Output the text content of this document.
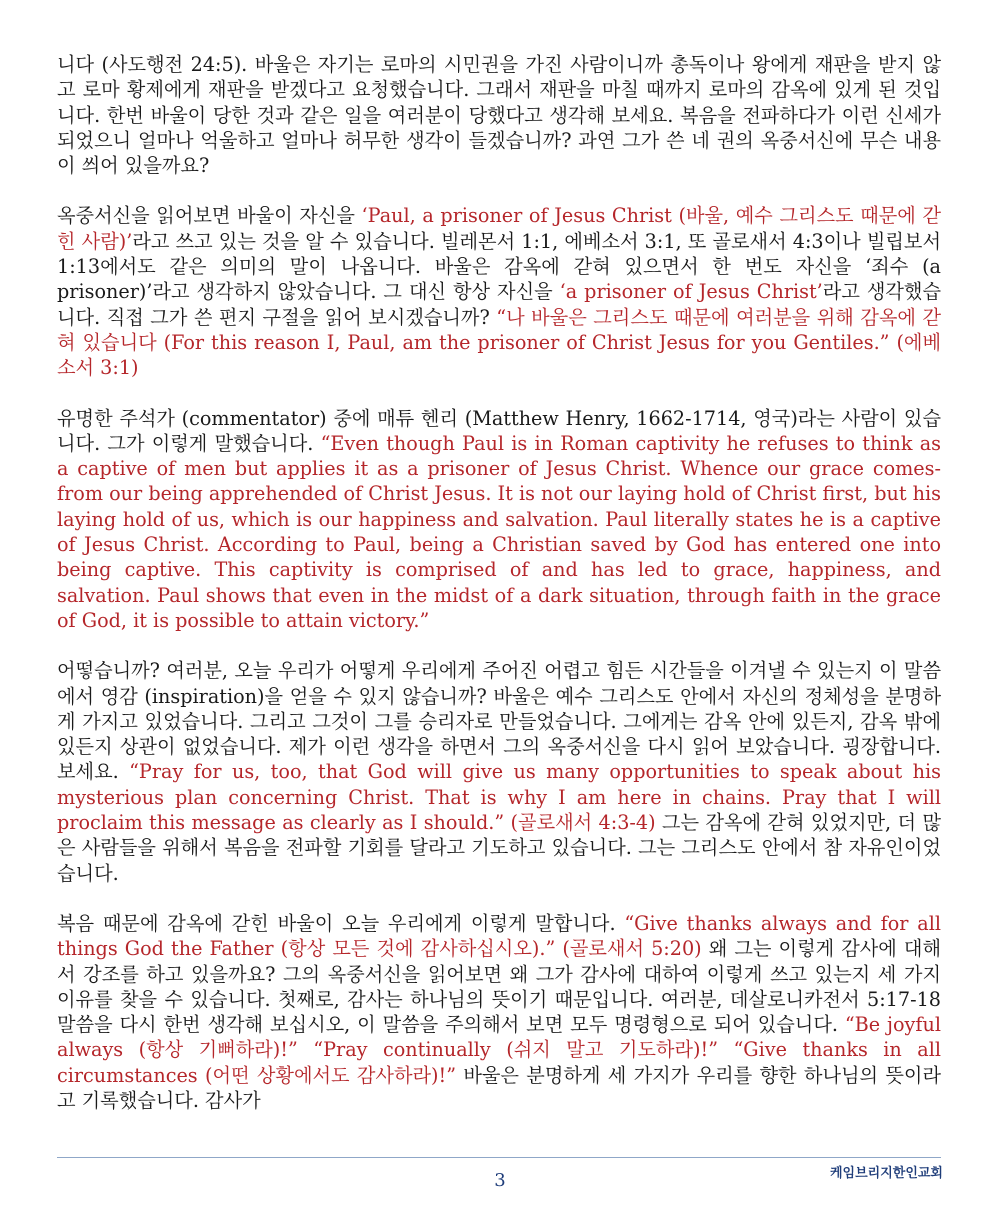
니다 (사도행전 24:5). 바울은 자기는 로마의 시민권을 가진 사람이니까 총독이나 왕에게 재판을 받지 않고 로마 황제에게 재판을 받겠다고 요청했습니다. 그래서 재판을 마칠 때까지 로마의 감옥에 있게 된 것입니다. 한번 바울이 당한 것과 같은 일을 여러분이 당했다고 생각해 보세요. 복음을 전파하다가 이런 신세가 되었으니 얼마나 억울하고 얼마나 허무한 생각이 들겠습니까? 과연 그가 쓴 네 권의 옥중서신에 무슨 내용이 씌어 있을까요?

옥중서신을 읽어보면 바울이 자신을 ‘Paul, a prisoner of Jesus Christ (바울, 예수 그리스도 때문에 갇힌 사람)’라고 쓰고 있는 것을 알 수 있습니다. 빌레몬서 1:1, 에베소서 3:1, 또 골로새서 4:3이나 빌립보서 1:13에서도 같은 의미의 말이 나옵니다. 바울은 감옥에 갇혀 있으면서 한 번도 자신을 ‘죄수 (a prisoner)’라고 생각하지 않았습니다. 그 대신 항상 자신을 ‘a prisoner of Jesus Christ’라고 생각했습니다. 직접 그가 쓴 편지 구절을 읽어 보시겠습니까? “나 바울은 그리스도 때문에 여러분을 위해 감옥에 갇혀 있습니다 (For this reason I, Paul, am the prisoner of Christ Jesus for you Gentiles.” (에베소서 3:1)

유명한 주석가 (commentator) 중에 매튜 헨리 (Matthew Henry, 1662-1714, 영국)라는 사람이 있습니다. 그가 이렇게 말했습니다. “Even though Paul is in Roman captivity he refuses to think as a captive of men but applies it as a prisoner of Jesus Christ. Whence our grace comes- from our being apprehended of Christ Jesus. It is not our laying hold of Christ first, but his laying hold of us, which is our happiness and salvation. Paul literally states he is a captive of Jesus Christ. According to Paul, being a Christian saved by God has entered one into being captive. This captivity is comprised of and has led to grace, happiness, and salvation. Paul shows that even in the midst of a dark situation, through faith in the grace of God, it is possible to attain victory.”

어떻습니까? 여러분, 오늘 우리가 어떻게 우리에게 주어진 어렵고 힘든 시간들을 이겨낼 수 있는지 이 말씀에서 영감 (inspiration)을 얻을 수 있지 않습니까? 바울은 예수 그리스도 안에서 자신의 정체성을 분명하게 가지고 있었습니다. 그리고 그것이 그를 승리자로 만들었습니다. 그에게는 감옥 안에 있든지, 감옥 밖에 있든지 상관이 없었습니다. 제가 이런 생각을 하면서 그의 옥중서신을 다시 읽어 보았습니다. 굉장합니다. 보세요. “Pray for us, too, that God will give us many opportunities to speak about his mysterious plan concerning Christ. That is why I am here in chains. Pray that I will proclaim this message as clearly as I should.” (골로새서 4:3-4) 그는 감옥에 갇혀 있었지만, 더 많은 사람들을 위해서 복음을 전파할 기회를 달라고 기도하고 있습니다. 그는 그리스도 안에서 참 자유인이었습니다.

복음 때문에 감옥에 갇힌 바울이 오늘 우리에게 이렇게 말합니다. “Give thanks always and for all things God the Father (항상 모든 것에 감사하십시오).” (골로새서 5:20) 왜 그는 이렇게 감사에 대해서 강조를 하고 있을까요? 그의 옥중서신을 읽어보면 왜 그가 감사에 대하여 이렇게 쓰고 있는지 세 가지 이유를 찾을 수 있습니다. 첫째로, 감사는 하나님의 뜻이기 때문입니다. 여러분, 데살로니카전서 5:17-18 말씀을 다시 한번 생각해 보십시오, 이 말씀을 주의해서 보면 모두 명령형으로 되어 있습니다. “Be joyful always (항상 기뻐하라)!” “Pray continually (쉬지 말고 기도하라)!” “Give thanks in all circumstances (어떤 상황에서도 감사하라)!” 바울은 분명하게 세 가지가 우리를 향한 하나님의 뜻이라고 기록했습니다. 감사가

케임브리지한인교회
3
